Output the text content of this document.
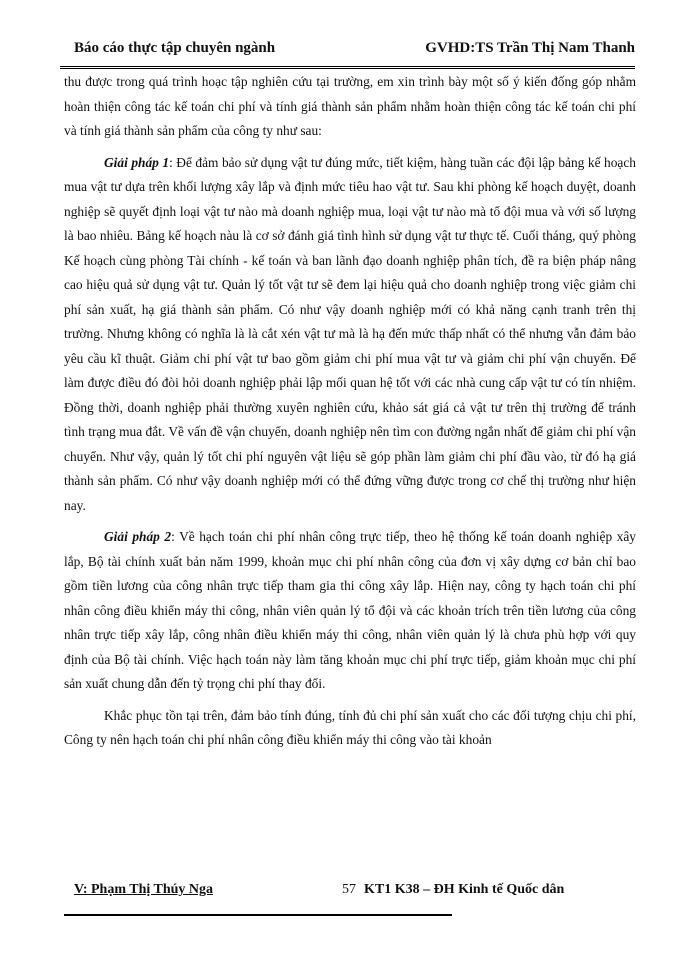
Báo cáo thực tập chuyên ngành	GVHD:TS Trần Thị Nam Thanh

thu được trong quá trình hoạc tập nghiên cứu tại trường, em xin trình bày một số ý kiến đống góp nhằm hoàn thiện công tác kế toán chi phí và tính giá thành sản phẩm nhằm hoàn thiện công tác kế toán chi phí và tính giá thành sản phẩm của công ty như sau:

Giải pháp 1: Để đảm bảo sử dụng vật tư đúng mức, tiết kiệm, hàng tuần các đội lập bảng kế hoạch mua vật tư dựa trên khối lượng xây lắp và định mức tiêu hao vật tư. Sau khi phòng kế hoạch duyệt, doanh nghiệp sẽ quyết định loại vật tư nào mà doanh nghiệp mua, loại vật tư nào mà tổ đội mua và với số lượng là bao nhiêu. Bảng kế hoạch nàu là cơ sở đánh giá tình hình sử dụng vật tư thực tế. Cuối tháng, quý phòng Kế hoạch cùng phòng Tài chính - kế toán và ban lãnh đạo doanh nghiệp phân tích, đề ra biện pháp nâng cao hiệu quả sử dụng vật tư. Quản lý tốt vật tư sẽ đem lại hiệu quả cho doanh nghiệp trong việc giảm chi phí sản xuất, hạ giá thành sản phẩm. Có như vậy doanh nghiệp mới có khả năng cạnh tranh trên thị trường. Nhưng không có nghĩa là là cắt xén vật tư mà là hạ đến mức thấp nhất có thể nhưng vẫn đảm bảo yêu cầu kĩ thuật. Giảm chi phí vật tư bao gồm giảm chi phí mua vật tư và giảm chi phí vận chuyển. Để làm được điều đó đòi hỏi doanh nghiệp phải lập mối quan hệ tốt với các nhà cung cấp vật tư có tín nhiệm. Đồng thời, doanh nghiệp phải thường xuyên nghiên cứu, khảo sát giá cả vật tư trên thị trường để tránh tình trạng mua đắt. Về vấn đề vận chuyển, doanh nghiệp nên tìm con đường ngắn nhất để giảm chi phí vận chuyển. Như vậy, quản lý tốt chi phí nguyên vật liệu sẽ góp phần làm giảm chi phí đầu vào, từ đó hạ giá thành sản phẩm. Có như vậy doanh nghiệp mới có thể đứng vững được trong cơ chế thị trường như hiện nay.

Giải pháp 2: Về hạch toán chi phí nhân công trực tiếp, theo hệ thống kế toán doanh nghiệp xây lắp, Bộ tài chính xuất bản năm 1999, khoản mục chi phí nhân công của đơn vị xây dựng cơ bản chỉ bao gồm tiền lương của công nhân trực tiếp tham gia thi công xây lắp. Hiện nay, công ty hạch toán chi phí nhân công điều khiển máy thi công, nhân viên quản lý tổ đội và các khoản trích trên tiền lương của công nhân trực tiếp xây lắp, công nhân điều khiển máy thi công, nhân viên quản lý là chưa phù hợp với quy định của Bộ tài chính. Việc hạch toán này làm tăng khoản mục chi phí trực tiếp, giảm khoản mục chi phí sản xuất chung dẫn đến tỷ trọng chi phí thay đổi.

Khắc phục tồn tại trên, đảm bảo tính đúng, tính đủ chi phí sản xuất cho các đối tượng chịu chi phí, Công ty nên hạch toán chi phí nhân công điều khiển máy thi công vào tài khoản

V: Phạm Thị Thúy Nga	57 KT1 K38 – ĐH Kinh tế Quốc dân
